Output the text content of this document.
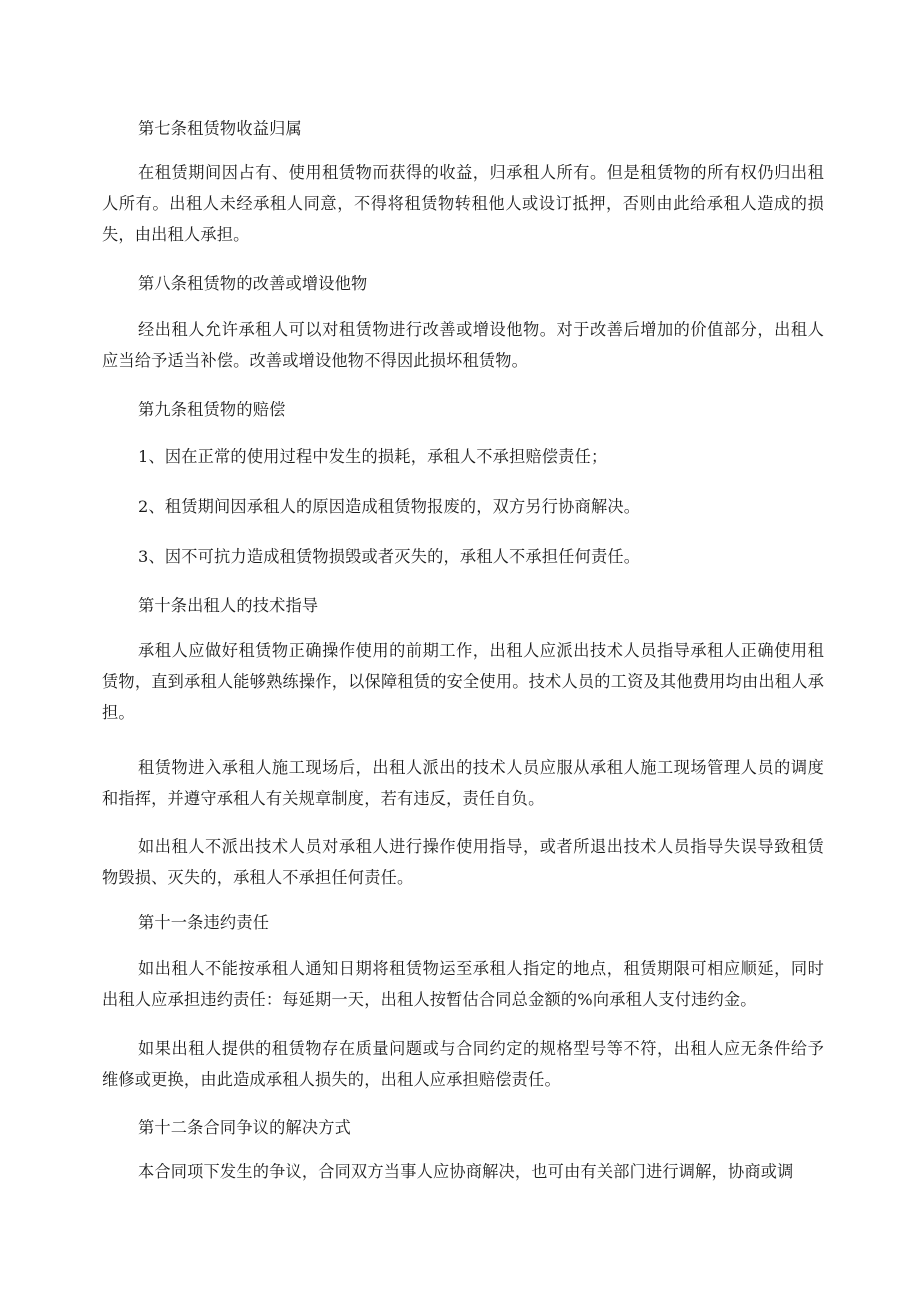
第七条租赁物收益归属

在租赁期间因占有、使用租赁物而获得的收益，归承租人所有。但是租赁物的所有权仍归出租人所有。出租人未经承租人同意，不得将租赁物转租他人或设订抵押，否则由此给承租人造成的损失，由出租人承担。

第八条租赁物的改善或增设他物

经出租人允许承租人可以对租赁物进行改善或增设他物。对于改善后增加的价值部分，出租人应当给予适当补偿。改善或增设他物不得因此损坏租赁物。

第九条租赁物的赔偿

1、因在正常的使用过程中发生的损耗，承租人不承担赔偿责任；

2、租赁期间因承租人的原因造成租赁物报废的，双方另行协商解决。

3、因不可抗力造成租赁物损毁或者灭失的，承租人不承担任何责任。

第十条出租人的技术指导

承租人应做好租赁物正确操作使用的前期工作，出租人应派出技术人员指导承租人正确使用租赁物，直到承租人能够熟练操作，以保障租赁的安全使用。技术人员的工资及其他费用均由出租人承担。

租赁物进入承租人施工现场后，出租人派出的技术人员应服从承租人施工现场管理人员的调度和指挥，并遵守承租人有关规章制度，若有违反，责任自负。

如出租人不派出技术人员对承租人进行操作使用指导，或者所退出技术人员指导失误导致租赁物毁损、灭失的，承租人不承担任何责任。

第十一条违约责任

如出租人不能按承租人通知日期将租赁物运至承租人指定的地点，租赁期限可相应顺延，同时出租人应承担违约责任：每延期一天，出租人按暂估合同总金额的%向承租人支付违约金。

如果出租人提供的租赁物存在质量问题或与合同约定的规格型号等不符，出租人应无条件给予维修或更换，由此造成承租人损失的，出租人应承担赔偿责任。

第十二条合同争议的解决方式

本合同项下发生的争议，合同双方当事人应协商解决，也可由有关部门进行调解，协商或调
